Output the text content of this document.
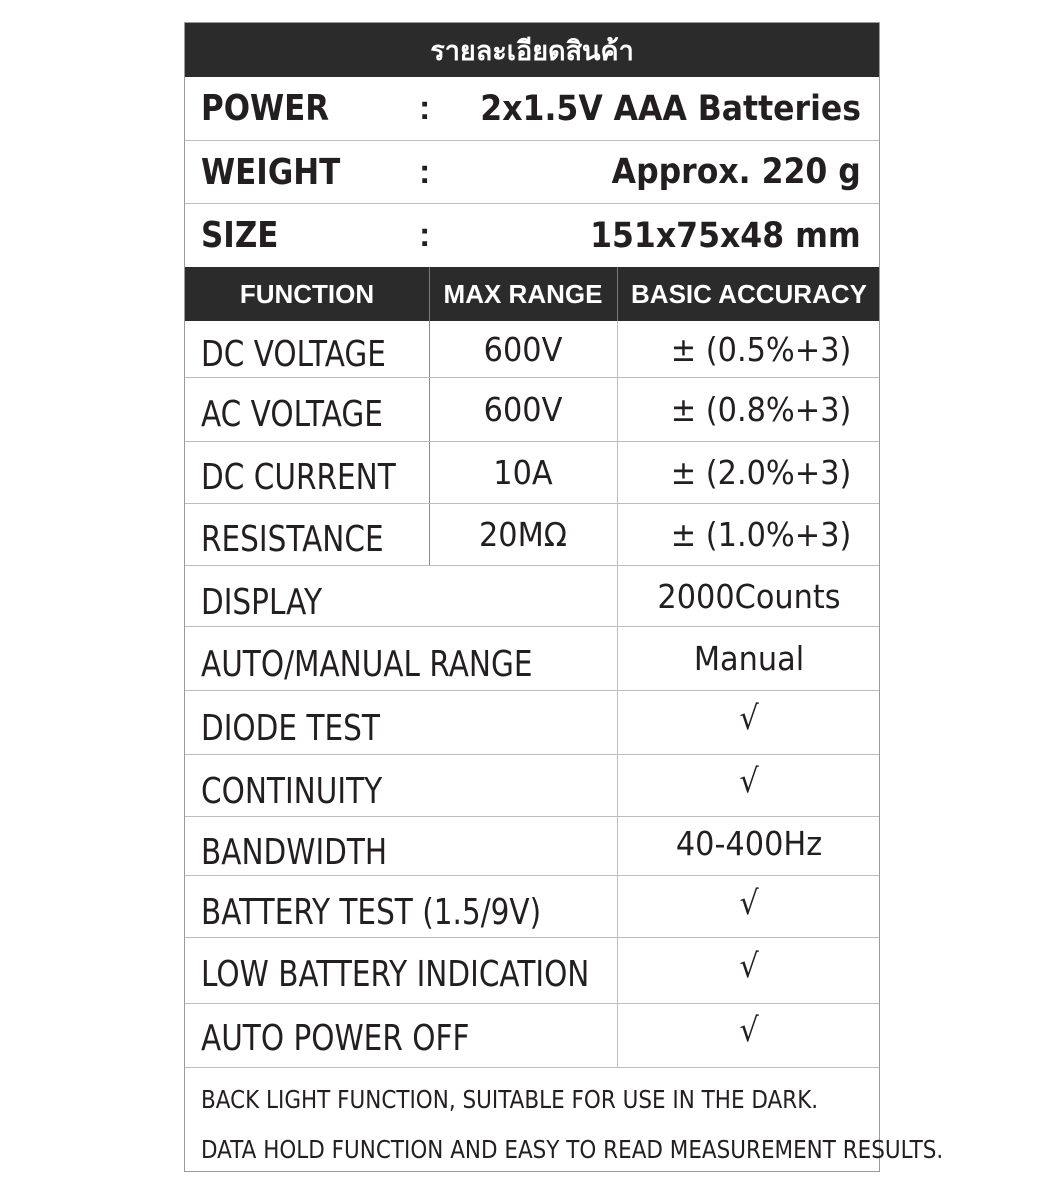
รายละเอียดสินค้า
POWER	: 2x1.5V AAA Batteries
WEIGHT :	Approx. 220 g
SIZE	:	151x75x48 mm
FUNCTION	MAX RANGE	BASIC ACCURACY
DC VOLTAGE	600V	± (0.5%+3)
AC VOLTAGE	600V	± (0.8%+3)
DC CURRENT	10A	± (2.0%+3)
RESISTANCE	20MΩ	± (1.0%+3)
DISPLAY	2000Counts
AUTO/MANUAL RANGE	Manual
DIODE TEST	√
CONTINUITY	√
BANDWIDTH	40-400Hz
BATTERY TEST (1.5/9V)	√
LOW BATTERY INDICATION	√
AUTO POWER OFF	√
BACK LIGHT FUNCTION, SUITABLE FOR USE IN THE DARK.
DATA HOLD FUNCTION AND EASY TO READ MEASUREMENT RESULTS.
